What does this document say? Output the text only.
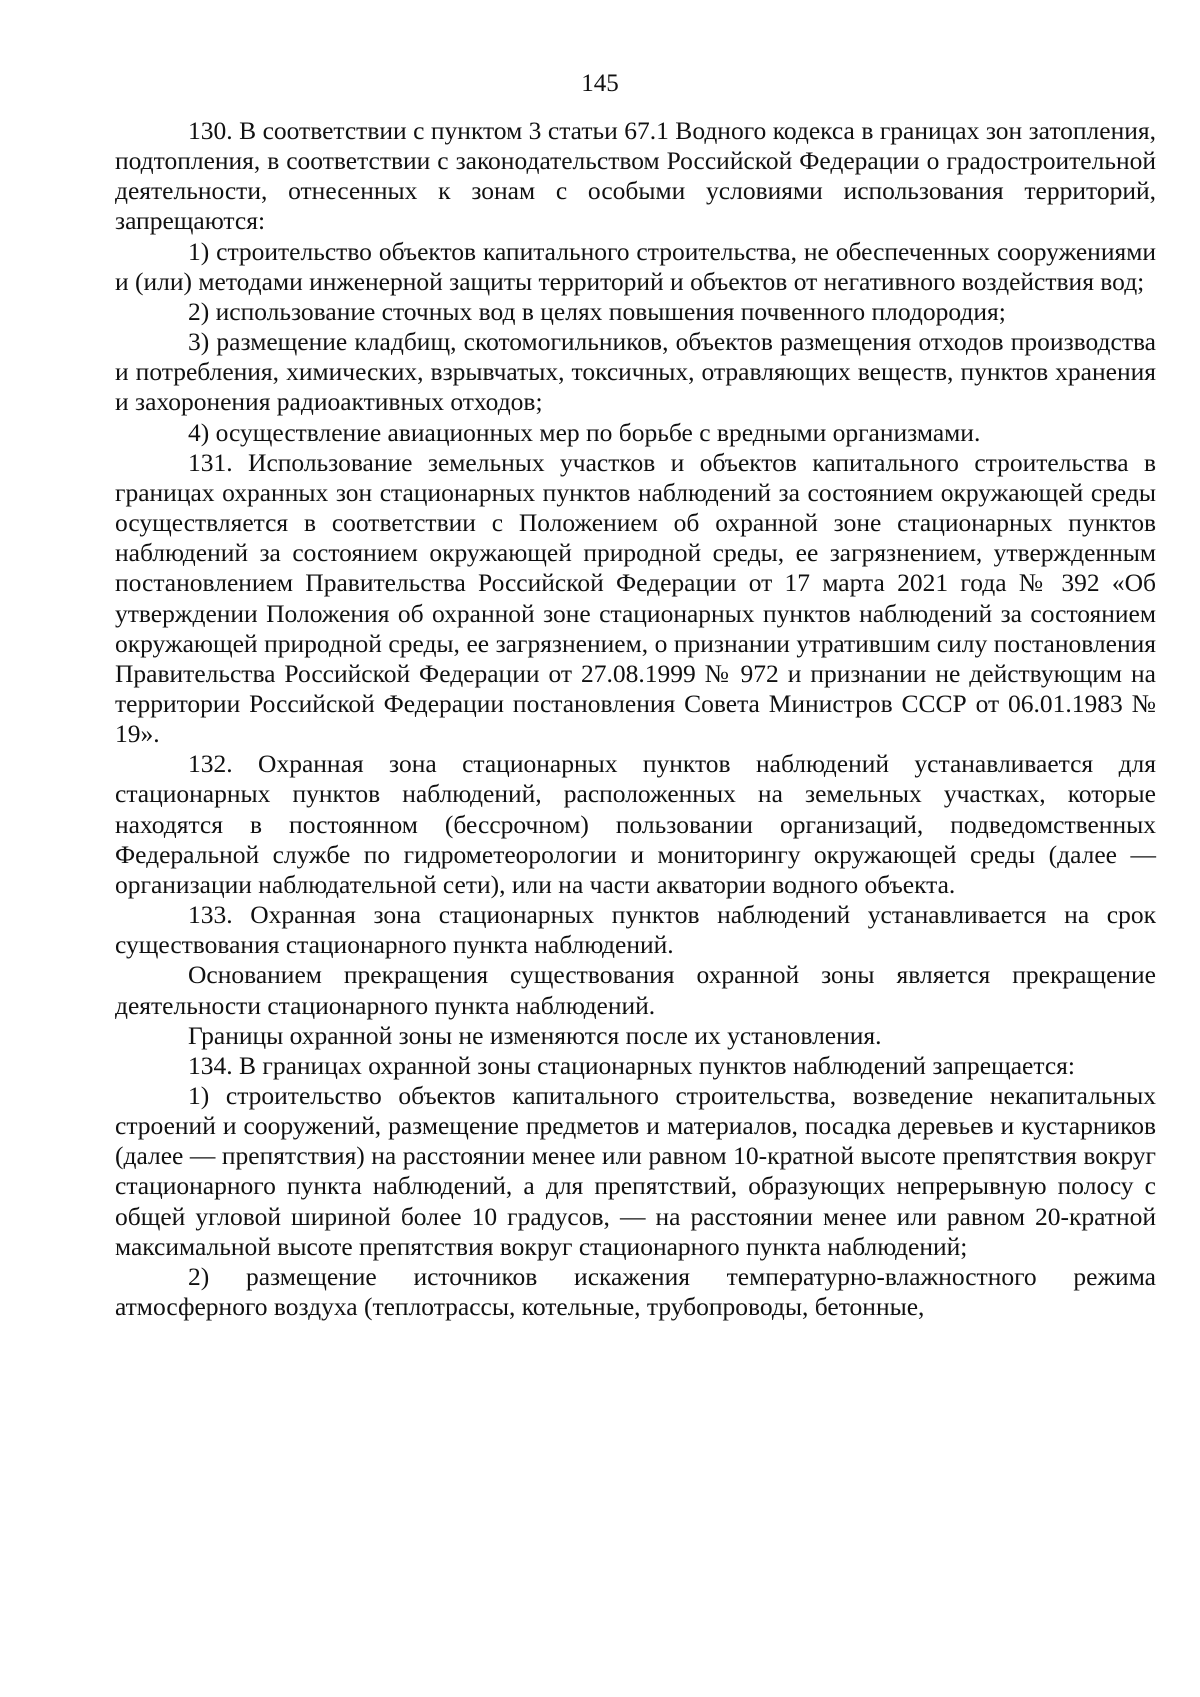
145

130. В соответствии с пунктом 3 статьи 67.1 Водного кодекса в границах зон затопления, подтопления, в соответствии с законодательством Российской Федерации о градостроительной деятельности, отнесенных к зонам с особыми условиями использования территорий, запрещаются:

1) строительство объектов капитального строительства, не обеспеченных сооружениями и (или) методами инженерной защиты территорий и объектов от негативного воздействия вод;

2) использование сточных вод в целях повышения почвенного плодородия;

3) размещение кладбищ, скотомогильников, объектов размещения отходов производства и потребления, химических, взрывчатых, токсичных, отравляющих веществ, пунктов хранения и захоронения радиоактивных отходов;

4) осуществление авиационных мер по борьбе с вредными организмами.

131. Использование земельных участков и объектов капитального строительства в границах охранных зон стационарных пунктов наблюдений за состоянием окружающей среды осуществляется в соответствии с Положением об охранной зоне стационарных пунктов наблюдений за состоянием окружающей природной среды, ее загрязнением, утвержденным постановлением Правительства Российской Федерации от 17 марта 2021 года № 392 «Об утверждении Положения об охранной зоне стационарных пунктов наблюдений за состоянием окружающей природной среды, ее загрязнением, о признании утратившим силу постановления Правительства Российской Федерации от 27.08.1999 № 972 и признании не действующим на территории Российской Федерации постановления Совета Министров СССР от 06.01.1983 № 19».

132. Охранная зона стационарных пунктов наблюдений устанавливается для стационарных пунктов наблюдений, расположенных на земельных участках, которые находятся в постоянном (бессрочном) пользовании организаций, подведомственных Федеральной службе по гидрометеорологии и мониторингу окружающей среды (далее — организации наблюдательной сети), или на части акватории водного объекта.

133. Охранная зона стационарных пунктов наблюдений устанавливается на срок существования стационарного пункта наблюдений.

Основанием прекращения существования охранной зоны является прекращение деятельности стационарного пункта наблюдений.

Границы охранной зоны не изменяются после их установления.

134. В границах охранной зоны стационарных пунктов наблюдений запрещается:

1) строительство объектов капитального строительства, возведение некапитальных строений и сооружений, размещение предметов и материалов, посадка деревьев и кустарников (далее — препятствия) на расстоянии менее или равном 10-кратной высоте препятствия вокруг стационарного пункта наблюдений, а для препятствий, образующих непрерывную полосу с общей угловой шириной более 10 градусов, — на расстоянии менее или равном 20-кратной максимальной высоте препятствия вокруг стационарного пункта наблюдений;

2) размещение источников искажения температурно-влажностного режима атмосферного воздуха (теплотрассы, котельные, трубопроводы, бетонные,
